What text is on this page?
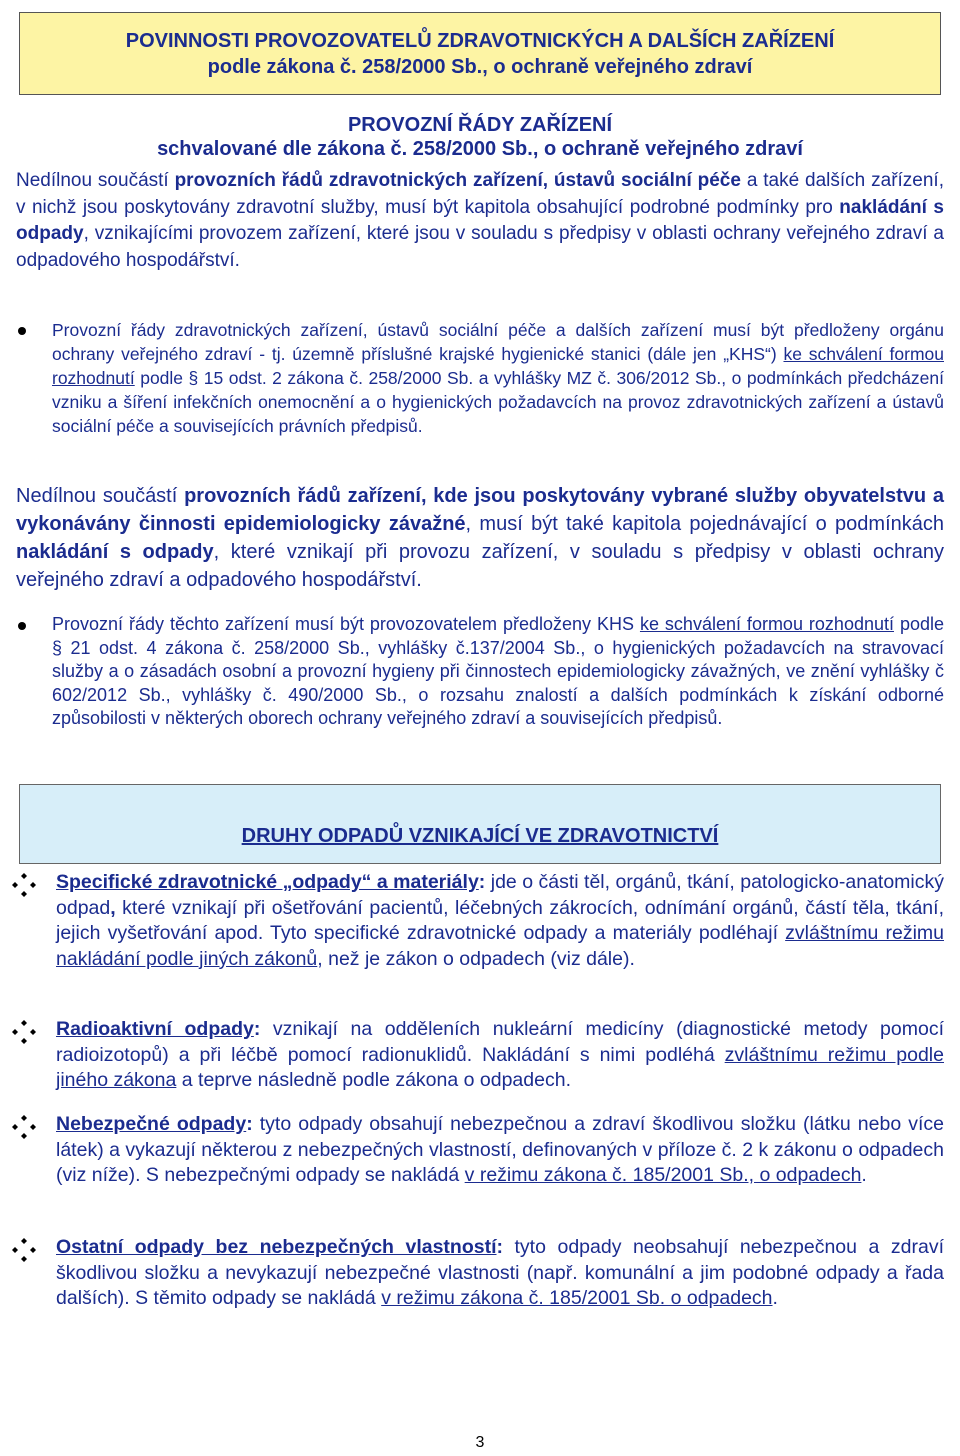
POVINNOSTI PROVOZOVATELŮ ZDRAVOTNICKÝCH A DALŠÍCH ZAŘÍZENÍ
podle zákona č. 258/2000 Sb., o ochraně veřejného zdraví
PROVOZNÍ ŘÁDY ZAŘÍZENÍ
schvalované dle zákona č. 258/2000 Sb., o ochraně veřejného zdraví
Nedílnou součástí provozních řádů zdravotnických zařízení, ústavů sociální péče a také dalších zařízení, v nichž jsou poskytovány zdravotní služby, musí být kapitola obsahující podrobné podmínky pro nakládání s odpady, vznikajícími provozem zařízení, které jsou v souladu s předpisy v oblasti ochrany veřejného zdraví a odpadového hospodářství.
Provozní řády zdravotnických zařízení, ústavů sociální péče a dalších zařízení musí být předloženy orgánu ochrany veřejného zdraví - tj. územně příslušné krajské hygienické stanici (dále jen „KHS“) ke schválení formou rozhodnutí podle § 15 odst. 2 zákona č. 258/2000 Sb. a vyhlášky MZ č. 306/2012 Sb., o podmínkách předcházení vzniku a šíření infekčních onemocnění a o hygienických požadavcích na provoz zdravotnických zařízení a ústavů sociální péče a souvisejících právních předpisů.
Nedílnou součástí provozních řádů zařízení, kde jsou poskytovány vybrané služby obyvatelstvu a vykonávány činnosti epidemiologicky závažné, musí být také kapitola pojednávající o podmínkách nakládání s odpady, které vznikají při provozu zařízení, v souladu s předpisy v oblasti ochrany veřejného zdraví a odpadového hospodářství.
Provozní řády těchto zařízení musí být provozovatelem předloženy KHS ke schválení formou rozhodnutí podle § 21 odst. 4 zákona č. 258/2000 Sb., vyhlášky č.137/2004 Sb., o hygienických požadavcích na stravovací služby a o zásadách osobní a provozní hygieny při činnostech epidemiologicky závažných, ve znění vyhlášky č 602/2012 Sb., vyhlášky č. 490/2000 Sb., o rozsahu znalostí a dalších podmínkách k získání odborné způsobilosti v některých oborech ochrany veřejného zdraví a souvisejících předpisů.
DRUHY ODPADŮ VZNIKAJÍCÍ VE ZDRAVOTNICTVÍ
Specifické zdravotnické „odpady“ a materiály: jde o části těl, orgánů, tkání, patologicko-anatomický odpad, které vznikají při ošetřování pacientů, léčebných zákrocích, odnímání orgánů, částí těla, tkání, jejich vyšetřování apod. Tyto specifické zdravotnické odpady a materiály podléhají zvláštnímu režimu nakládání podle jiných zákonů, než je zákon o odpadech (viz dále).
Radioaktivní odpady: vznikají na odděleních nukleární medicíny (diagnostické metody pomocí radioizotopů) a při léčbě pomocí radionuklidů. Nakládání s nimi podléhá zvláštnímu režimu podle jiného zákona a teprve následně podle zákona o odpadech.
Nebezpečné odpady: tyto odpady obsahují nebezpečnou a zdraví škodlivou složku (látku nebo více látek) a vykazují některou z nebezpečných vlastností, definovaných v příloze č. 2 k zákonu o odpadech (viz níže). S nebezpečnými odpady se nakládá v režimu zákona č. 185/2001 Sb., o odpadech.
Ostatní odpady bez nebezpečných vlastností: tyto odpady neobsahují nebezpečnou a zdraví škodlivou složku a nevykazují nebezpečné vlastnosti (např. komunální a jim podobné odpady a řada dalších). S těmito odpady se nakládá v režimu zákona č. 185/2001 Sb. o odpadech.
3
